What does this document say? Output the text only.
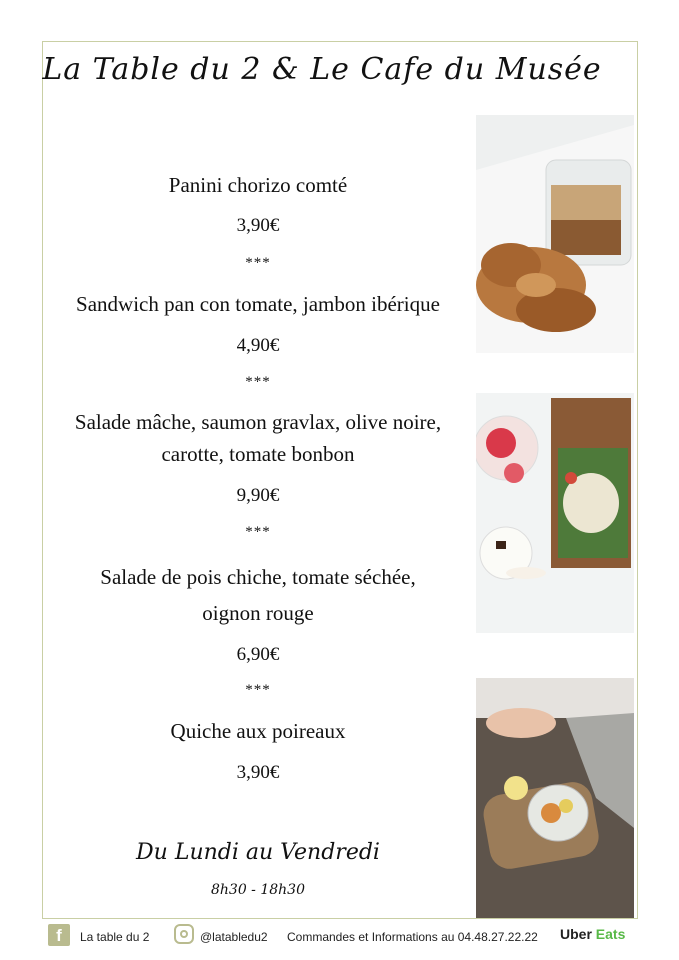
La Table du 2 & Le Cafe du Musée
Panini chorizo comté
3,90€
***
Sandwich pan con tomate, jambon ibérique
4,90€
***
Salade mâche, saumon gravlax, olive noire,
carotte, tomate bonbon
9,90€
***
Salade de pois chiche, tomate séchée,
oignon rouge
6,90€
***
Quiche aux poireaux
3,90€
Du Lundi au Vendredi
8h30 - 18h30
f	La table du 2	@latabledu2 Commandes et Informations au 04.48.27.22.22 Uber Eats
